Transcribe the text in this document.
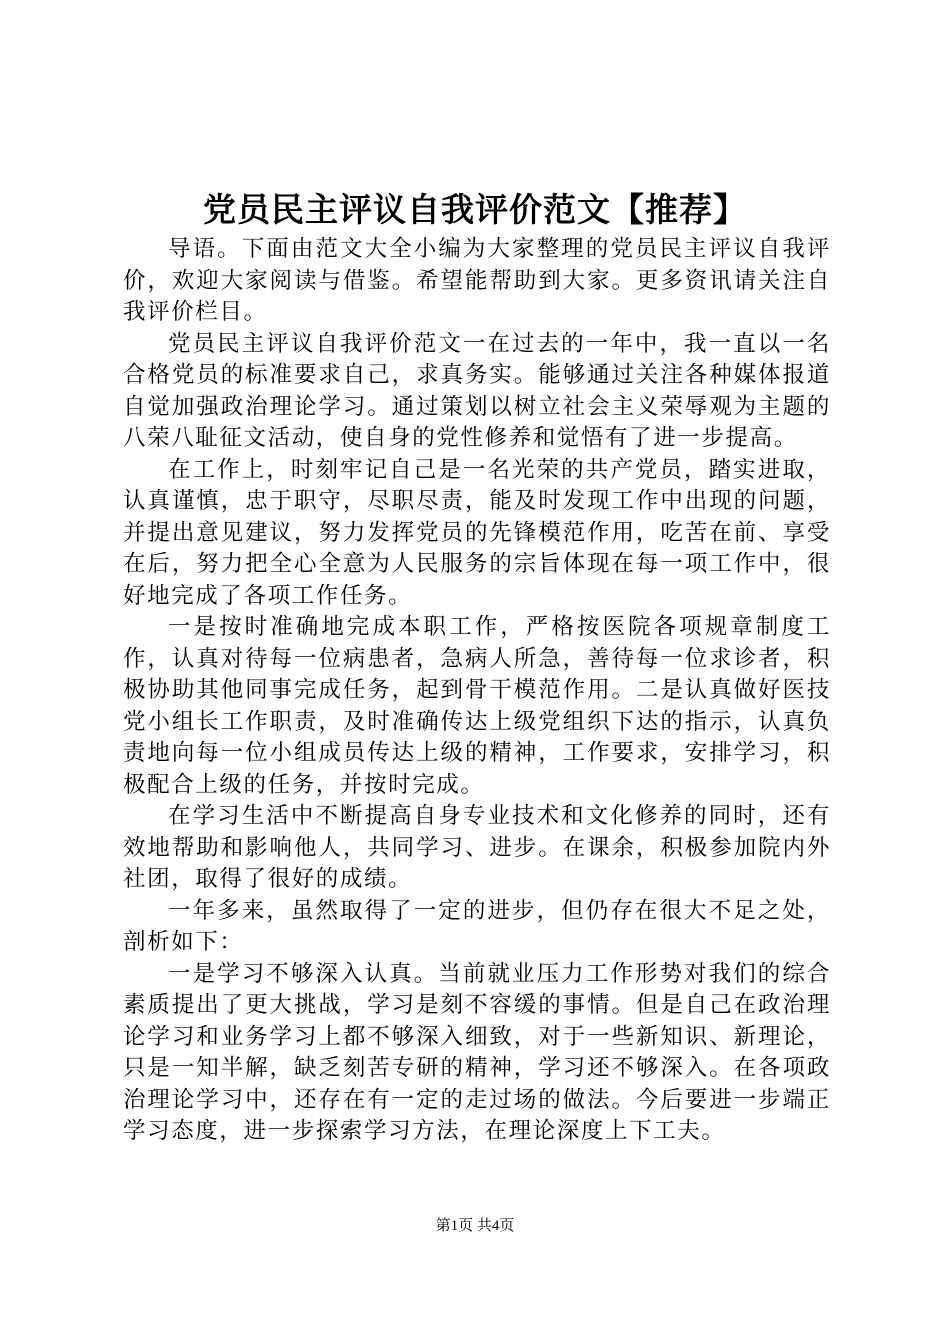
党员民主评议自我评价范文【推荐】

导语。下面由范文大全小编为大家整理的党员民主评议自我评价，欢迎大家阅读与借鉴。希望能帮助到大家。更多资讯请关注自我评价栏目。

党员民主评议自我评价范文一在过去的一年中，我一直以一名合格党员的标准要求自己，求真务实。能够通过关注各种媒体报道自觉加强政治理论学习。通过策划以树立社会主义荣辱观为主题的八荣八耻征文活动，使自身的党性修养和觉悟有了进一步提高。

在工作上，时刻牢记自己是一名光荣的共产党员，踏实进取，认真谨慎，忠于职守，尽职尽责，能及时发现工作中出现的问题，并提出意见建议，努力发挥党员的先锋模范作用，吃苦在前、享受在后，努力把全心全意为人民服务的宗旨体现在每一项工作中，很好地完成了各项工作任务。

一是按时准确地完成本职工作，严格按医院各项规章制度工作，认真对待每一位病患者，急病人所急，善待每一位求诊者，积极协助其他同事完成任务，起到骨干模范作用。二是认真做好医技党小组长工作职责，及时准确传达上级党组织下达的指示，认真负责地向每一位小组成员传达上级的精神，工作要求，安排学习，积极配合上级的任务，并按时完成。

在学习生活中不断提高自身专业技术和文化修养的同时，还有效地帮助和影响他人，共同学习、进步。在课余，积极参加院内外社团，取得了很好的成绩。

一年多来，虽然取得了一定的进步，但仍存在很大不足之处，剖析如下：

一是学习不够深入认真。当前就业压力工作形势对我们的综合素质提出了更大挑战，学习是刻不容缓的事情。但是自己在政治理论学习和业务学习上都不够深入细致，对于一些新知识、新理论，只是一知半解，缺乏刻苦专研的精神，学习还不够深入。在各项政治理论学习中，还存在有一定的走过场的做法。今后要进一步端正学习态度，进一步探索学习方法，在理论深度上下工夫。

第1页 共4页
